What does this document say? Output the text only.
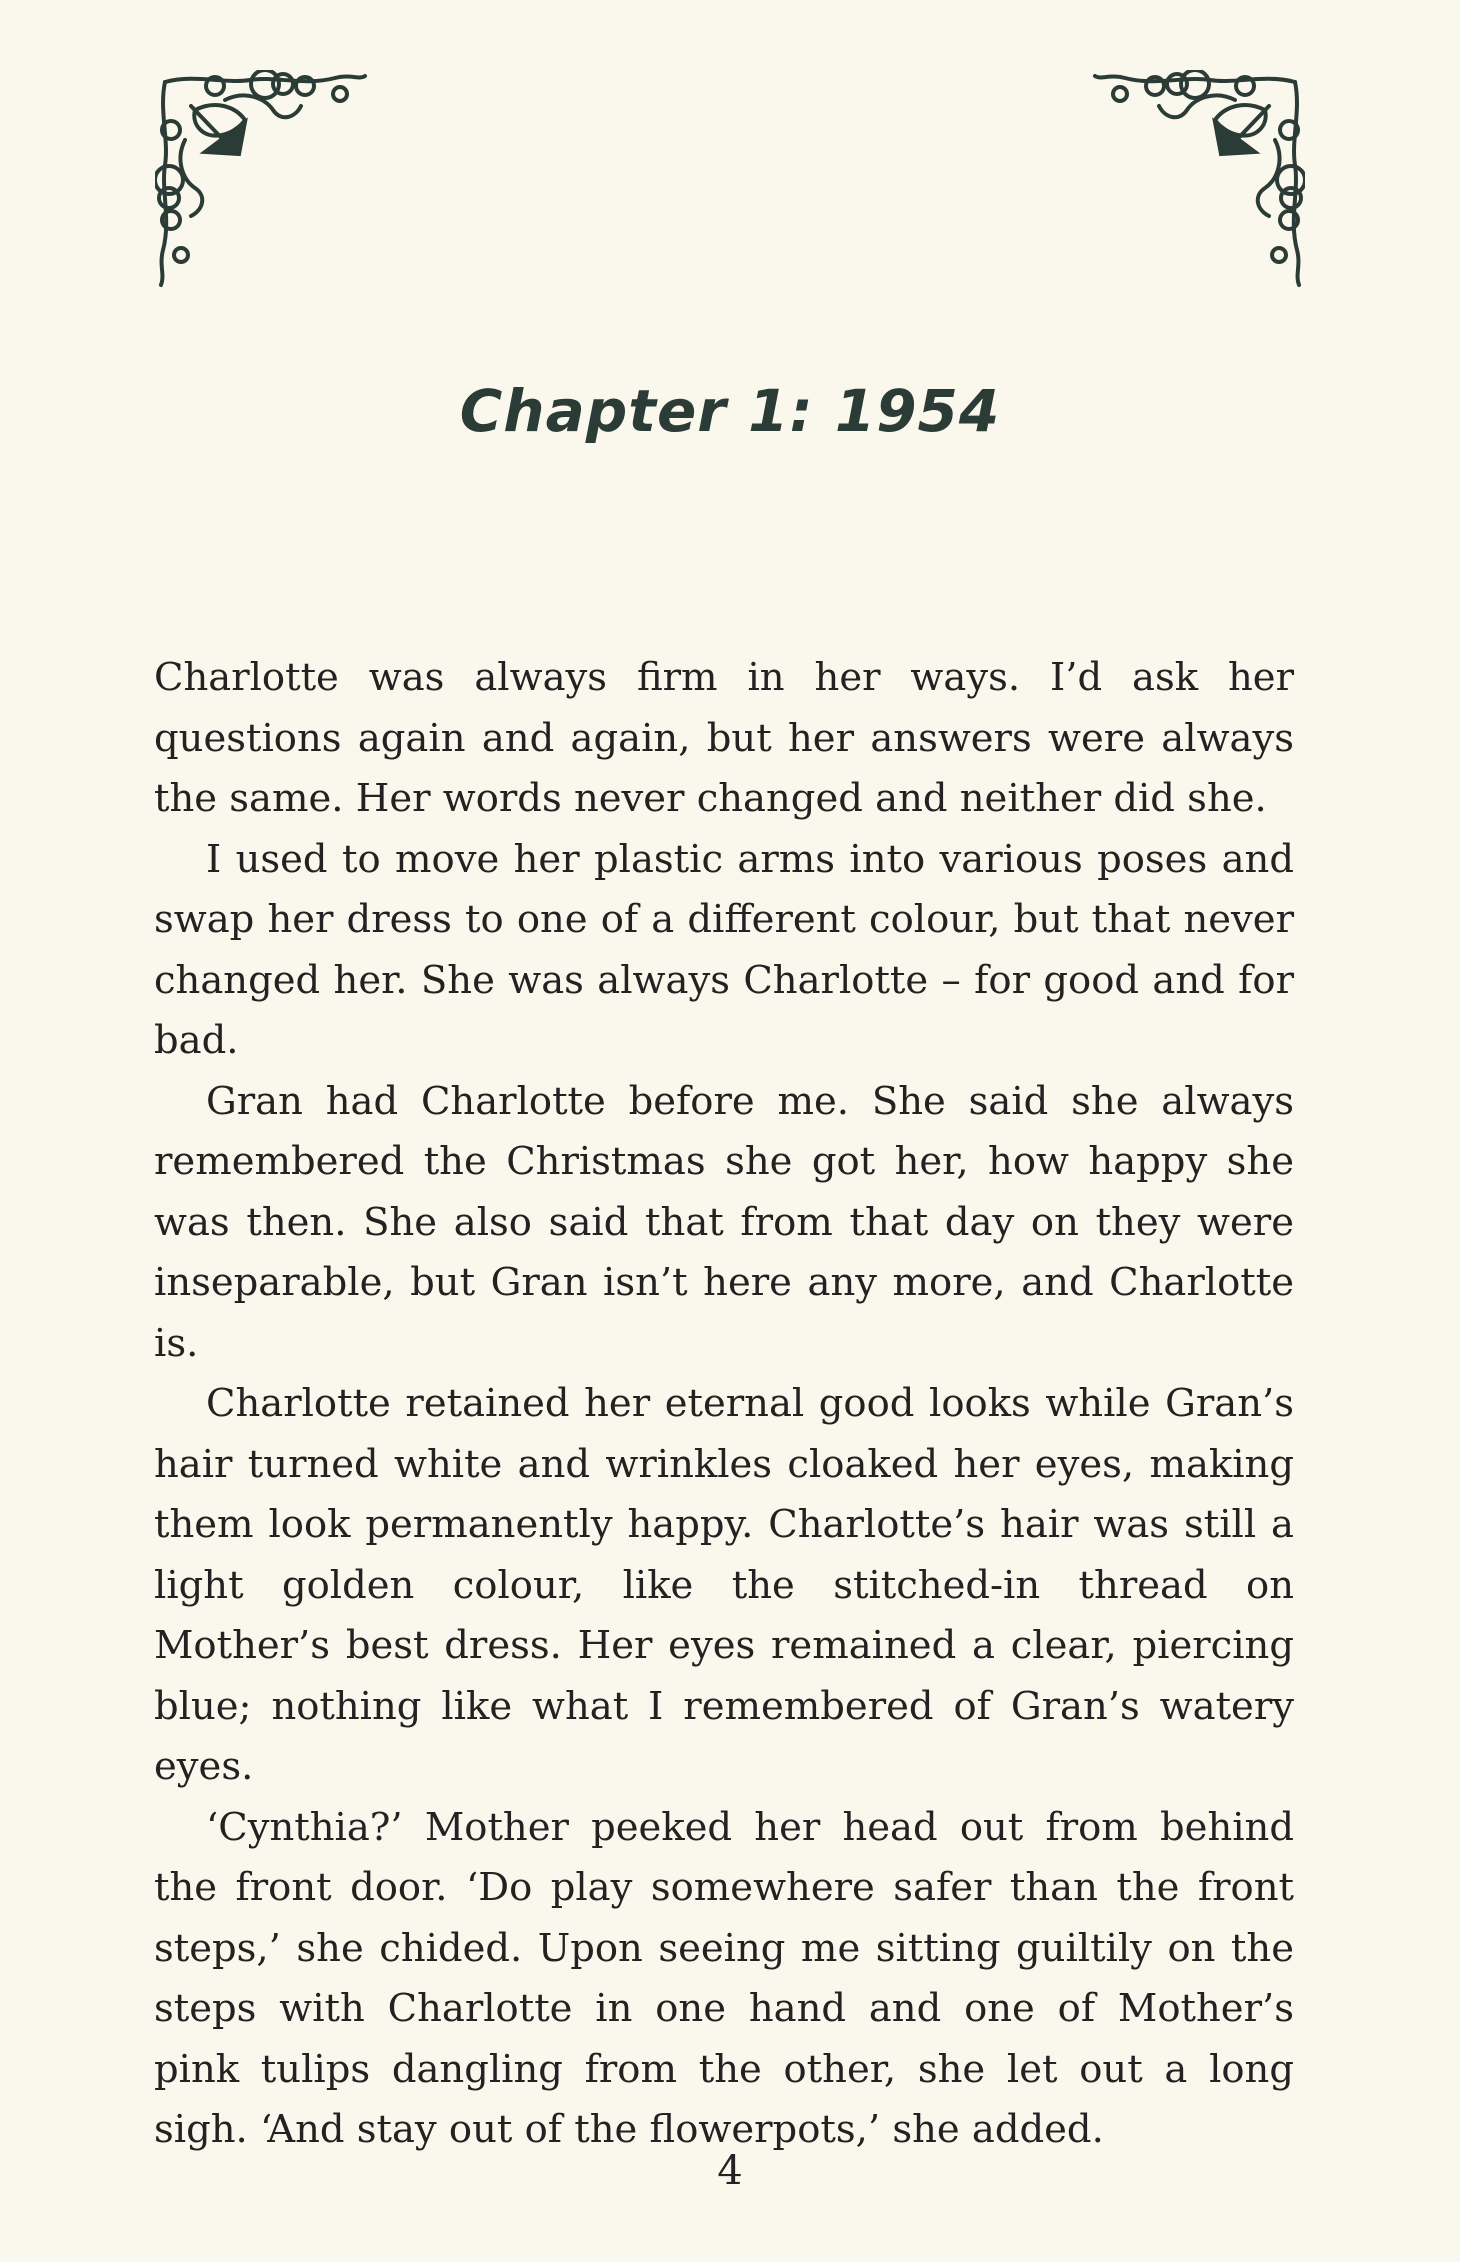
Chapter 1: 1954

Charlotte was always firm in her ways. I’d ask her questions again and again, but her answers were always the same. Her words never changed and neither did she.

I used to move her plastic arms into various poses and swap her dress to one of a different colour, but that never changed her. She was always Charlotte – for good and for bad.

Gran had Charlotte before me. She said she always remembered the Christmas she got her, how happy she was then. She also said that from that day on they were inseparable, but Gran isn’t here any more, and Charlotte is.

Charlotte retained her eternal good looks while Gran’s hair turned white and wrinkles cloaked her eyes, making them look permanently happy. Charlotte’s hair was still a light golden colour, like the stitched-in thread on Mother’s best dress. Her eyes remained a clear, piercing blue; nothing like what I remembered of Gran’s watery eyes.

‘Cynthia?’ Mother peeked her head out from behind the front door. ‘Do play somewhere safer than the front steps,’ she chided. Upon seeing me sitting guiltily on the steps with Charlotte in one hand and one of Mother’s pink tulips dangling from the other, she let out a long sigh. ‘And stay out of the flowerpots,’ she added.

4
